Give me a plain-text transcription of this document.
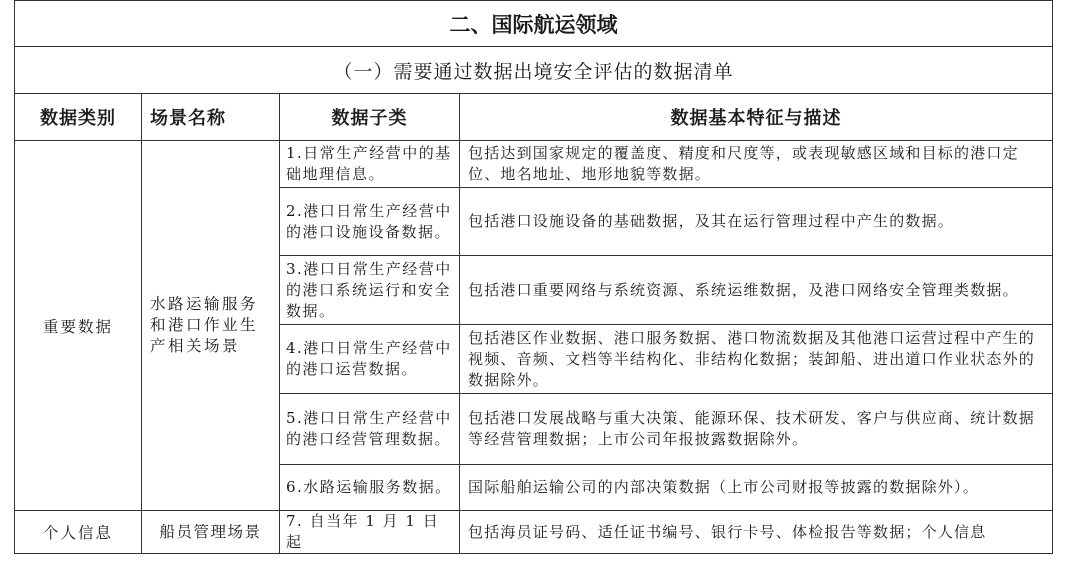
二、国际航运领域			
（一）需要通过数据出境安全评估的数据清单			
数据类别	场景名称	数据子类	数据基本特征与描述
重要数据	水路运输服务和港口作业生产相关场景	1.日常生产经营中的基础地理信息。	包括达到国家规定的覆盖度、精度和尺度等，或表现敏感区域和目标的港口定位、地名地址、地形地貌等数据。
		2.港口日常生产经营中的港口设施设备数据。	包括港口设施设备的基础数据，及其在运行管理过程中产生的数据。
		3.港口日常生产经营中的港口系统运行和安全数据。	包括港口重要网络与系统资源、系统运维数据，及港口网络安全管理类数据。
		4.港口日常生产经营中的港口运营数据。	包括港区作业数据、港口服务数据、港口物流数据及其他港口运营过程中产生的视频、音频、文档等半结构化、非结构化数据；装卸船、进出道口作业状态外的数据除外。
		5.港口日常生产经营中的港口经营管理数据。	包括港口发展战略与重大决策、能源环保、技术研发、客户与供应商、统计数据等经营管理数据；上市公司年报披露数据除外。
		6.水路运输服务数据。	国际船舶运输公司的内部决策数据（上市公司财报等披露的数据除外）。
个人信息	船员管理场景	7. 自当年 1 月 1 日起	包括海员证号码、适任证书编号、银行卡号、体检报告等数据；个人信息
